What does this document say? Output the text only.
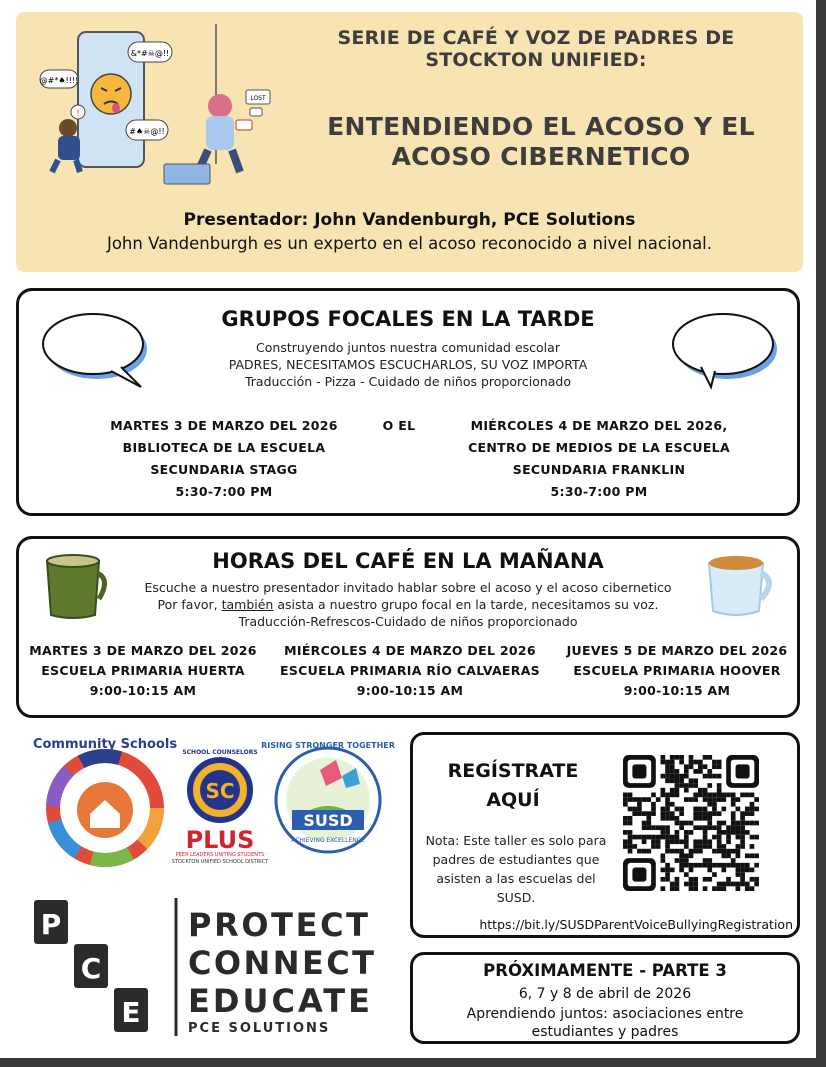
@#*♠!!!!
&*#☠@!!
#♠☠@!!
!
LOST
SERIE DE CAFÉ Y VOZ DE PADRES DE STOCKTON UNIFIED:
ENTENDIENDO EL ACOSO Y EL ACOSO CIBERNETICO
Presentador: John Vandenburgh, PCE Solutions
John Vandenburgh es un experto en el acoso reconocido a nivel nacional.
GRUPOS FOCALES EN LA TARDE
Construyendo juntos nuestra comunidad escolar
PADRES, NECESITAMOS ESCUCHARLOS, SU VOZ IMPORTA
Traducción - Pizza - Cuidado de niños proporcionado
MARTES 3 DE MARZO DEL 2026
BIBLIOTECA DE LA ESCUELA
SECUNDARIA STAGG
5:30-7:00 PM
O EL	MIÉRCOLES 4 DE MARZO DEL 2026,
CENTRO DE MEDIOS DE LA ESCUELA
SECUNDARIA FRANKLIN
5:30-7:00 PM
HORAS DEL CAFÉ EN LA MAÑANA
Escuche a nuestro presentador invitado hablar sobre el acoso y el acoso cibernetico
Por favor, también asista a nuestro grupo focal en la tarde, necesitamos su voz.
Traducción-Refrescos-Cuidado de niños proporcionado
MARTES 3 DE MARZO DEL 2026
ESCUELA PRIMARIA HUERTA
9:00-10:15 AM
MIÉRCOLES 4 DE MARZO DEL 2026
ESCUELA PRIMARIA RÍO CALVAERAS
9:00-10:15 AM
JUEVES 5 DE MARZO DEL 2026
ESCUELA PRIMARIA HOOVER
9:00-10:15 AM
Community Schools
SC
SCHOOL COUNSELORS
PLUS
PEER LEADERS UNITING STUDENTS
STOCKTON UNIFIED SCHOOL DISTRICT
SUSD
RISING STRONGER TOGETHER
ACHIEVING EXCELLENCE
P
C
E
PROTECT
CONNECT
EDUCATE
PCE SOLUTIONS
REGÍSTRATE AQUÍ
Nota: Este taller es solo para padres de estudiantes que asisten a las escuelas del SUSD.
https://bit.ly/SUSDParentVoiceBullyingRegistration
PRÓXIMAMENTE - PARTE 3
6, 7 y 8 de abril de 2026
Aprendiendo juntos: asociaciones entre
estudiantes y padres
